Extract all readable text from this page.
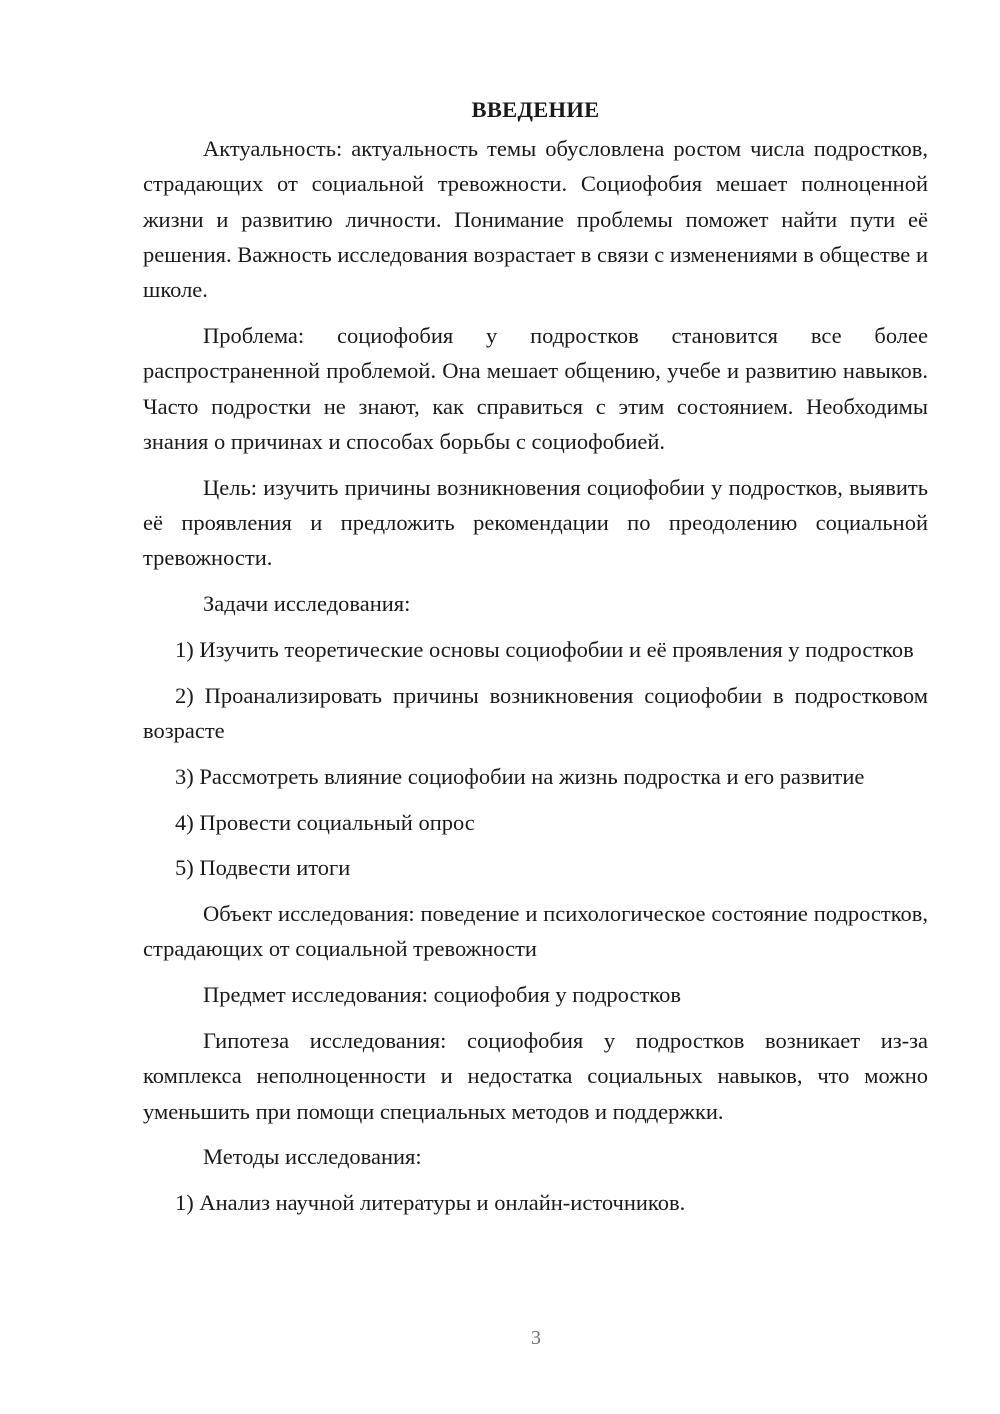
ВВЕДЕНИЕ
Актуальность: актуальность темы обусловлена ростом числа подростков, страдающих от социальной тревожности. Социофобия мешает полноценной жизни и развитию личности. Понимание проблемы поможет найти пути её решения. Важность исследования возрастает в связи с изменениями в обществе и школе.
Проблема: социофобия у подростков становится все более распространенной проблемой. Она мешает общению, учебе и развитию навыков. Часто подростки не знают, как справиться с этим состоянием. Необходимы знания о причинах и способах борьбы с социофобией.
Цель: изучить причины возникновения социофобии у подростков, выявить её проявления и предложить рекомендации по преодолению социальной тревожности.
Задачи исследования:
1) Изучить теоретические основы социофобии и её проявления у подростков
2) Проанализировать причины возникновения социофобии в подростковом возрасте
3) Рассмотреть влияние социофобии на жизнь подростка и его развитие
4) Провести социальный опрос
5) Подвести итоги
Объект исследования: поведение и психологическое состояние подростков, страдающих от социальной тревожности
Предмет исследования: социофобия у подростков
Гипотеза исследования: социофобия у подростков возникает из-за комплекса неполноценности и недостатка социальных навыков, что можно уменьшить при помощи специальных методов и поддержки.
Методы исследования:
1) Анализ научной литературы и онлайн-источников.
3
